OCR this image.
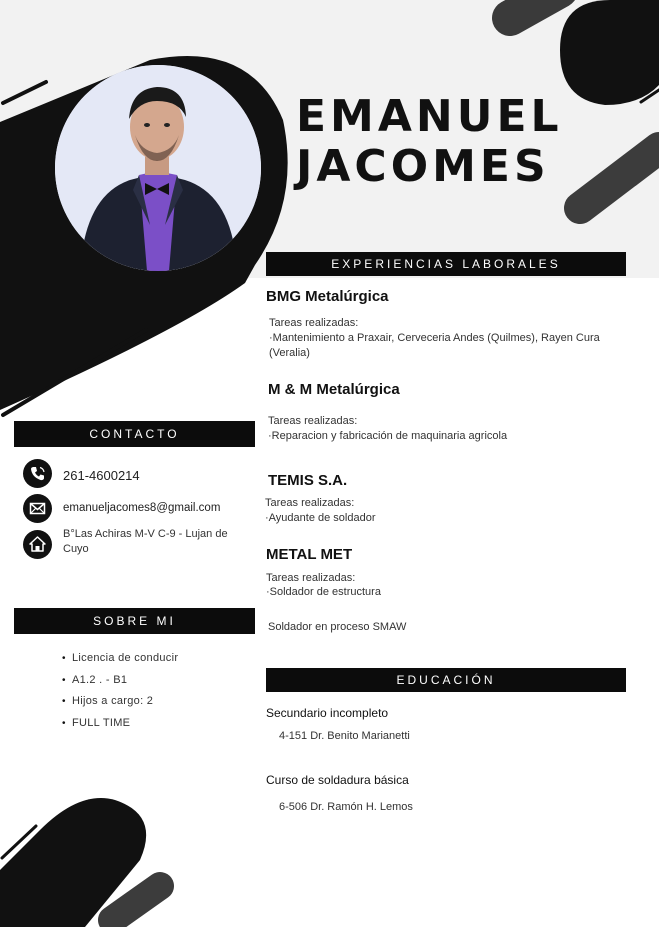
EMANUEL
JACOMES
EXPERIENCIAS LABORALES
BMG Metalúrgica
Tareas realizadas:
·Mantenimiento a Praxair, Cerveceria Andes (Quilmes), Rayen Cura
(Veralia)
M & M Metalúrgica
Tareas realizadas:
·Reparacion y fabricación de maquinaria agricola
TEMIS S.A.
Tareas realizadas:
·Ayudante de soldador
METAL MET
Tareas realizadas:
·Soldador de estructura
Soldador en proceso SMAW
EDUCACIÓN
Secundario incompleto
4-151 Dr. Benito Marianetti
Curso de soldadura básica
6-506 Dr. Ramón H. Lemos
CONTACTO
261-4600214
emanueljacomes8@gmail.com
B°Las Achiras M-V C-9 - Lujan de
Cuyo
SOBRE MI
• Licencia de conducir
• A1.2 . - B1
• Hijos a cargo: 2
• FULL TIME
